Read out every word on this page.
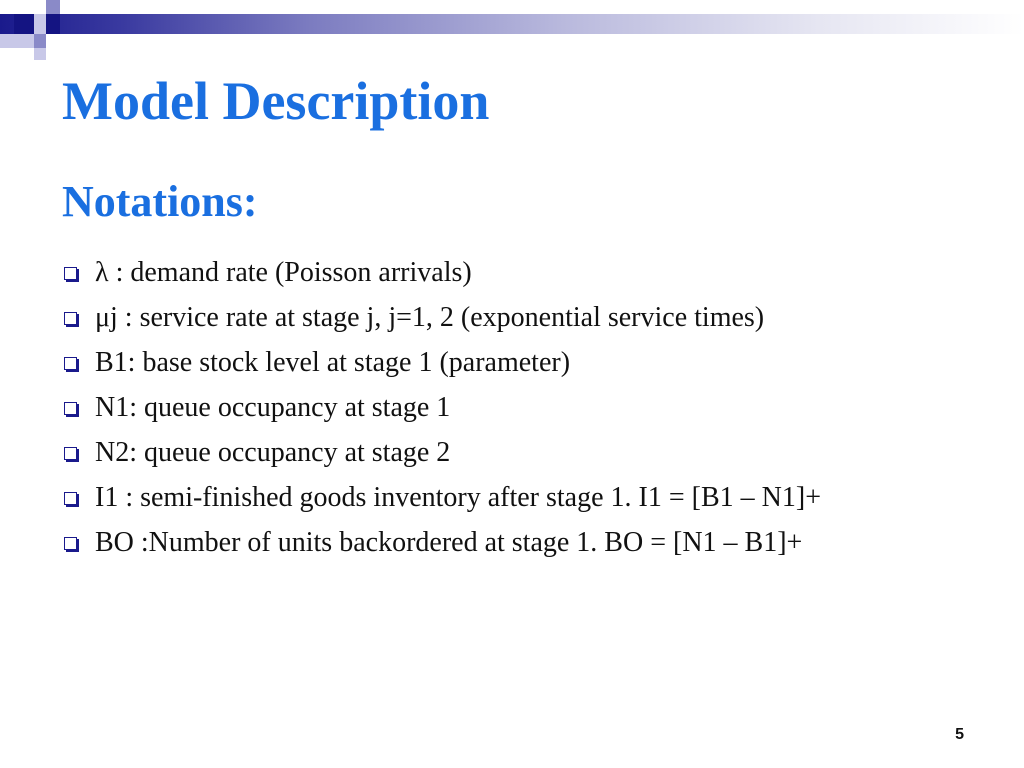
Model Description
Notations:
λ : demand rate (Poisson arrivals)
μj : service rate at stage j, j=1, 2 (exponential service times)
B1: base stock level at stage 1 (parameter)
N1: queue occupancy at stage 1
N2: queue occupancy at stage 2
I1 : semi-finished goods inventory after stage 1. I1 = [B1 – N1]+
BO :Number of units backordered at stage 1. BO = [N1 – B1]+
5
